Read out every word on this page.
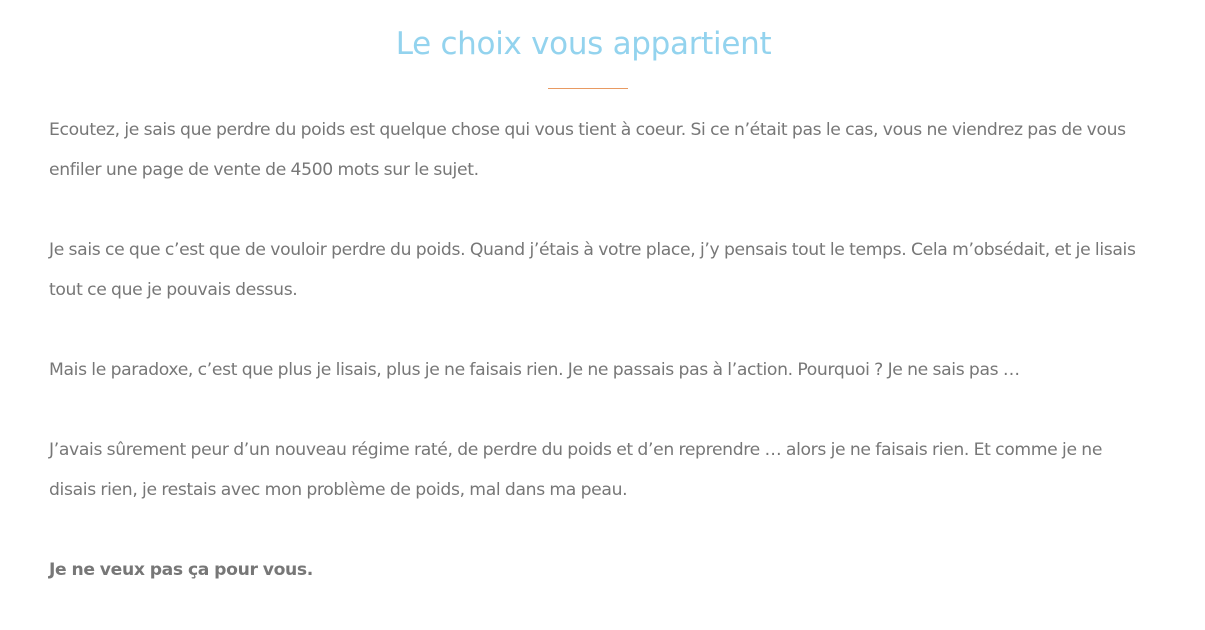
Le choix vous appartient

Ecoutez, je sais que perdre du poids est quelque chose qui vous tient à coeur. Si ce n’était pas le cas, vous ne viendrez pas de vous enfiler une page de vente de 4500 mots sur le sujet.

Je sais ce que c’est que de vouloir perdre du poids. Quand j’étais à votre place, j’y pensais tout le temps. Cela m’obsédait, et je lisais tout ce que je pouvais dessus.

Mais le paradoxe, c’est que plus je lisais, plus je ne faisais rien. Je ne passais pas à l’action. Pourquoi ? Je ne sais pas …

J’avais sûrement peur d’un nouveau régime raté, de perdre du poids et d’en reprendre … alors je ne faisais rien. Et comme je ne disais rien, je restais avec mon problème de poids, mal dans ma peau.

Je ne veux pas ça pour vous.
